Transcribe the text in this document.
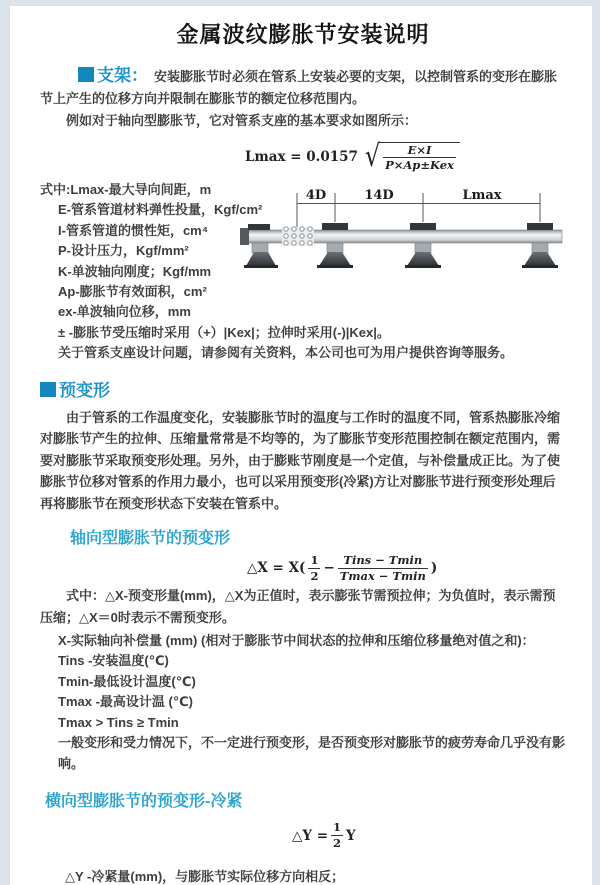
金属波纹膨胀节安装说明

支架： 安装膨胀节时必须在管系上安装必要的支架，以控制管系的变形在膨胀节上产生的位移方向并限制在膨胀节的额定位移范围内。

例如对于轴向型膨胀节，它对管系支座的基本要求如图所示：

Lmax = 0.0157 √
$\frac{E\times I}{\text{P×Ap±Kex}}$
式中:Lmax-最大导向间距，m
E-管系管道材料弹性投量，Kgf/cm²
I-管系管道的惯性矩，cm⁴
P-设计压力，Kgf/mm²
K-单波轴向刚度；Kgf/mm
Ap-膨胀节有效面积，cm²
ex-单波轴向位移，mm
± -膨胀节受压缩时采用（+）|Kex|；拉伸时采用(-)|Kex|。
关于管系支座设计问题，请参阅有关资料，本公司也可为用户提供咨询等服务。
预变形

由于管系的工作温度变化，安装膨胀节时的温度与工作时的温度不同，管系热膨胀冷缩对膨胀节产生的拉伸、压缩量常常是不均等的，为了膨胀节变形范围控制在额定范围内，需要对膨胀节采取预变形处理。另外，由于膨账节刚度是一个定值，与补偿量成正比。为了使膨胀节位移对管系的作用力最小，也可以采用预变形(冷紧)方让对膨胀节进行预变形处理后再将膨胀节在预变形状态下安装在管系中。

轴向型膨胀节的预变形
△X = $X( \frac{1}{2} - \frac{\text{Tins − Tmin}}{Tmax - Tmin}$ )

式中：△X-预变形量(mm)，△X为正值时，表示膨张节需预拉伸；为负值时，表示需预压缩；△X＝0时表示不需预变形。

X-实际轴向补偿量 (mm) (相对于膨胀节中间状态的拉伸和压缩位移量绝对值之和)：
Tins -安装温度(℃)
Tmin-最低设计温度(℃)
Tmax -最高设计温 (℃)
Tmax > Tins ≥ Tmin
一般变形和受力情况下，不一定进行预变形，是否预变形对膨胀节的疲劳寿命几乎没有影响。
横向型膨胀节的预变形-冷紧
△Y = $\frac{1}{2}$ Y
△Y -冷紧量(mm)，与膨胀节实际位移方向相反；
4D	14D	Lmax
